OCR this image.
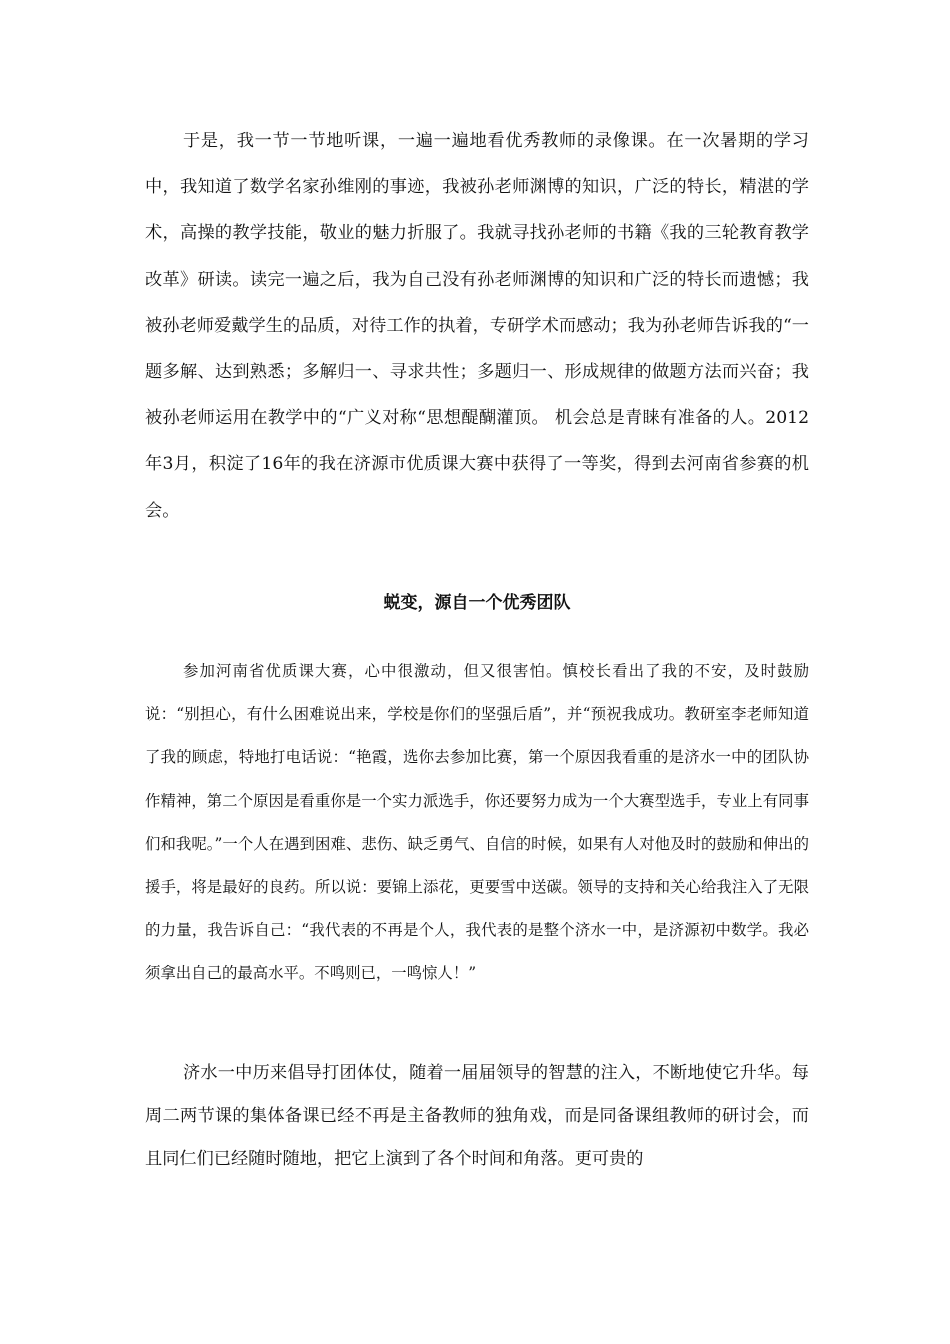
于是，我一节一节地听课，一遍一遍地看优秀教师的录像课。在一次暑期的学习中，我知道了数学名家孙维刚的事迹，我被孙老师渊博的知识，广泛的特长，精湛的学术，高操的教学技能，敬业的魅力折服了。我就寻找孙老师的书籍《我的三轮教育教学改革》研读。读完一遍之后，我为自己没有孙老师渊博的知识和广泛的特长而遗憾；我被孙老师爱戴学生的品质，对待工作的执着，专研学术而感动；我为孙老师告诉我的“一题多解、达到熟悉；多解归一、寻求共性；多题归一、形成规律的做题方法而兴奋；我被孙老师运用在教学中的“广义对称“思想醍醐灌顶。 机会总是青睐有准备的人。2012年3月，积淀了16年的我在济源市优质课大赛中获得了一等奖，得到去河南省参赛的机会。

蜕变，源自一个优秀团队

参加河南省优质课大赛，心中很激动，但又很害怕。慎校长看出了我的不安，及时鼓励说：“别担心，有什么困难说出来，学校是你们的坚强后盾”，并“预祝我成功。教研室李老师知道了我的顾虑，特地打电话说：“艳霞，选你去参加比赛，第一个原因我看重的是济水一中的团队协作精神，第二个原因是看重你是一个实力派选手，你还要努力成为一个大赛型选手，专业上有同事们和我呢。”一个人在遇到困难、悲伤、缺乏勇气、自信的时候，如果有人对他及时的鼓励和伸出的援手，将是最好的良药。所以说：要锦上添花，更要雪中送碳。领导的支持和关心给我注入了无限的力量，我告诉自己：“我代表的不再是个人，我代表的是整个济水一中，是济源初中数学。我必须拿出自己的最高水平。不鸣则已，一鸣惊人！”

济水一中历来倡导打团体仗，随着一届届领导的智慧的注入，不断地使它升华。每周二两节课的集体备课已经不再是主备教师的独角戏，而是同备课组教师的研讨会，而且同仁们已经随时随地，把它上演到了各个时间和角落。更可贵的
